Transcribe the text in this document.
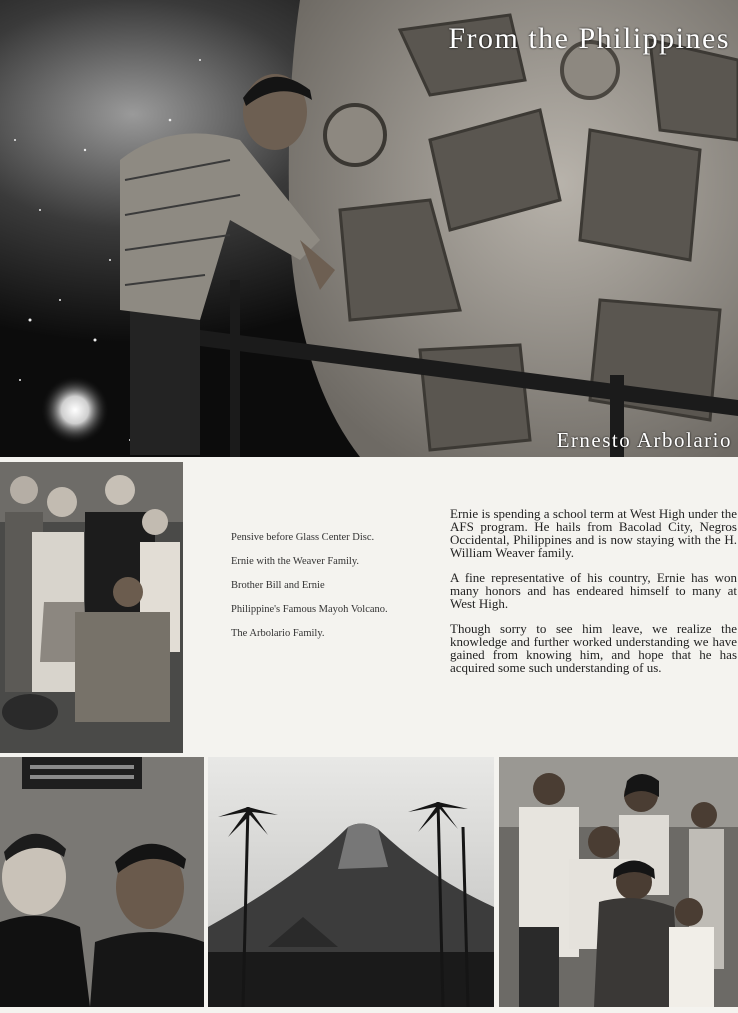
From the Philippines
Ernesto Arbolario
Pensive before Glass Center Disc.
Ernie with the Weaver Family.
Brother Bill and Ernie
Philippine's Famous Mayoh Volcano.
The Arbolario Family.

Ernie is spending a school term at West High under the AFS program. He hails from Bacolad City, Negros Occidental, Philippines and is now staying with the H. William Weaver family.

A fine representative of his country, Ernie has won many honors and has endeared himself to many at West High.

Though sorry to see him leave, we realize the knowledge and further worked understanding we have gained from knowing him, and hope that he has acquired some such understanding of us.
